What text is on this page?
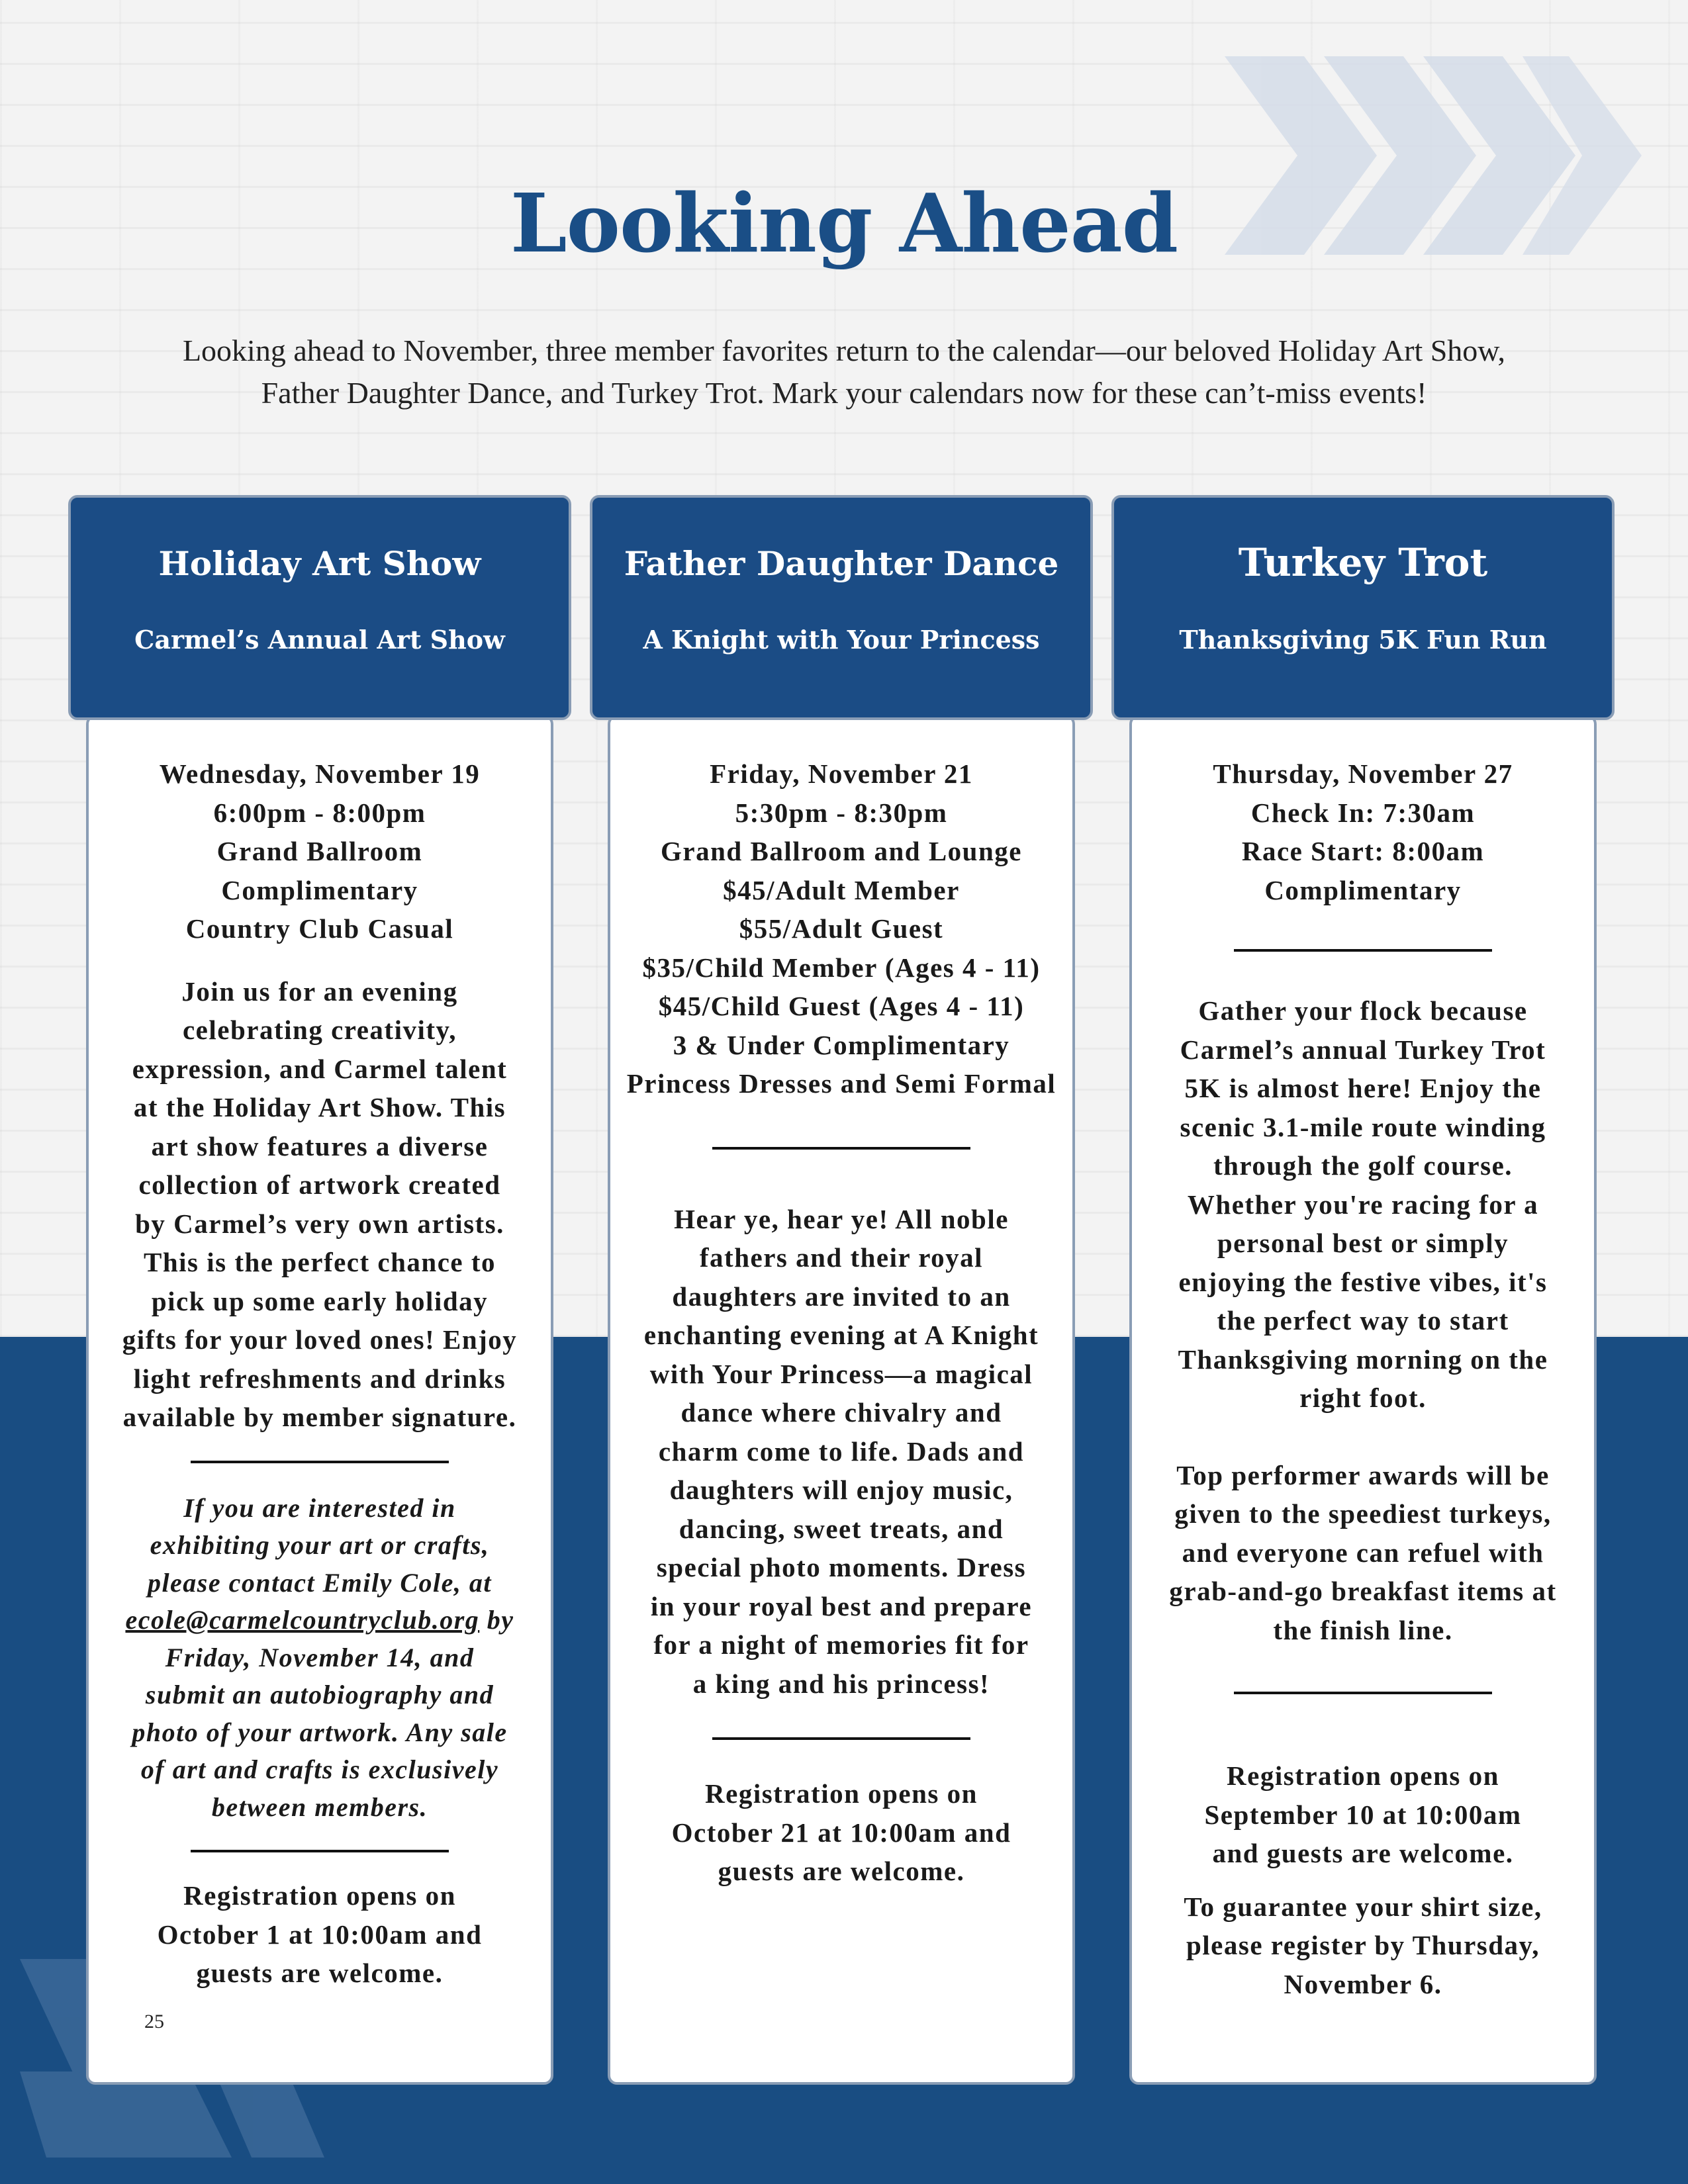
Looking Ahead
Looking ahead to November, three member favorites return to the calendar—our beloved Holiday Art Show, Father Daughter Dance, and Turkey Trot. Mark your calendars now for these can’t-miss events!
Holiday Art Show
Carmel’s Annual Art Show

Wednesday, November 19

6:00pm - 8:00pm

Grand Ballroom

Complimentary

Country Club Casual

Join us for an evening celebrating creativity, expression, and Carmel talent at the Holiday Art Show. This art show features a diverse collection of artwork created by Carmel’s very own artists. This is the perfect chance to pick up some early holiday gifts for your loved ones! Enjoy light refreshments and drinks available by member signature.

If you are interested in exhibiting your art or crafts, please contact Emily Cole, at ecole@carmelcountryclub.org by Friday, November 14, and submit an autobiography and photo of your artwork. Any sale of art and crafts is exclusively between members.

Registration opens on October 1 at 10:00am and guests are welcome.

Father Daughter Dance
A Knight with Your Princess

Friday, November 21

5:30pm - 8:30pm

Grand Ballroom and Lounge

$45/Adult Member

$55/Adult Guest

$35/Child Member (Ages 4 - 11)

$45/Child Guest (Ages 4 - 11)

3 & Under Complimentary

Princess Dresses and Semi Formal

Hear ye, hear ye! All noble fathers and their royal daughters are invited to an enchanting evening at A Knight with Your Princess—a magical dance where chivalry and charm come to life. Dads and daughters will enjoy music, dancing, sweet treats, and special photo moments. Dress in your royal best and prepare for a night of memories fit for a king and his princess!

Registration opens on October 21 at 10:00am and guests are welcome.

Turkey Trot
Thanksgiving 5K Fun Run

Thursday, November 27

Check In: 7:30am

Race Start: 8:00am

Complimentary

Gather your flock because Carmel’s annual Turkey Trot 5K is almost here! Enjoy the scenic 3.1-mile route winding through the golf course. Whether you're racing for a personal best or simply enjoying the festive vibes, it's the perfect way to start Thanksgiving morning on the right foot.

Top performer awards will be given to the speediest turkeys, and everyone can refuel with grab-and-go breakfast items at the finish line.

Registration opens on September 10 at 10:00am and guests are welcome.

To guarantee your shirt size, please register by Thursday, November 6.

25
